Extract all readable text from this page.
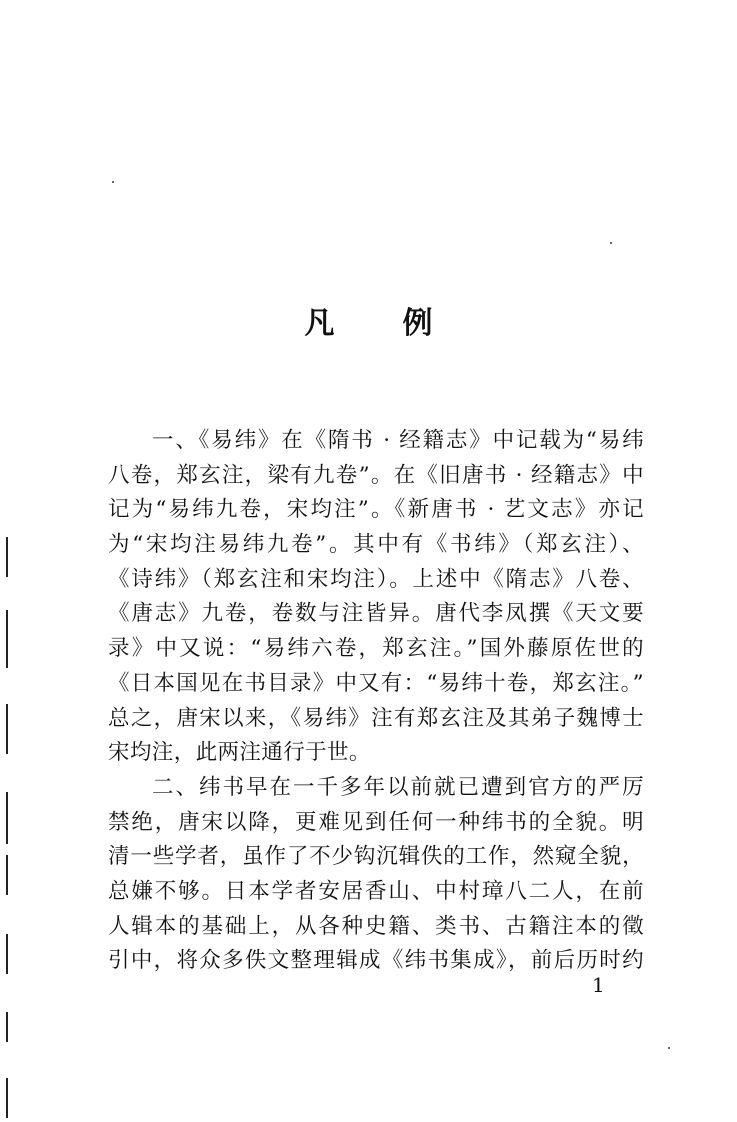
凡 例
一、《易纬》在《隋书 · 经籍志》中记载为“易纬
八卷，郑玄注，梁有九卷”。在《旧唐书 · 经籍志》中
记为“易纬九卷，宋均注”。《新唐书 · 艺文志》亦记
为“宋均注易纬九卷”。其中有《书纬》（郑玄注）、
《诗纬》（郑玄注和宋均注）。上述中《隋志》八卷、
《唐志》九卷，卷数与注皆异。唐代李凤撰《天文要
录》中又说：“易纬六卷，郑玄注。”国外藤原佐世的
《日本国见在书目录》中又有：“易纬十卷，郑玄注。”
总之，唐宋以来，《易纬》注有郑玄注及其弟子魏博士
宋均注，此两注通行于世。
二、纬书早在一千多年以前就已遭到官方的严厉
禁绝，唐宋以降，更难见到任何一种纬书的全貌。明
清一些学者，虽作了不少钩沉辑佚的工作，然窥全貌，
总嫌不够。日本学者安居香山、中村璋八二人，在前
人辑本的基础上，从各种史籍、类书、古籍注本的徵
引中，将众多佚文整理辑成《纬书集成》，前后历时约

1
